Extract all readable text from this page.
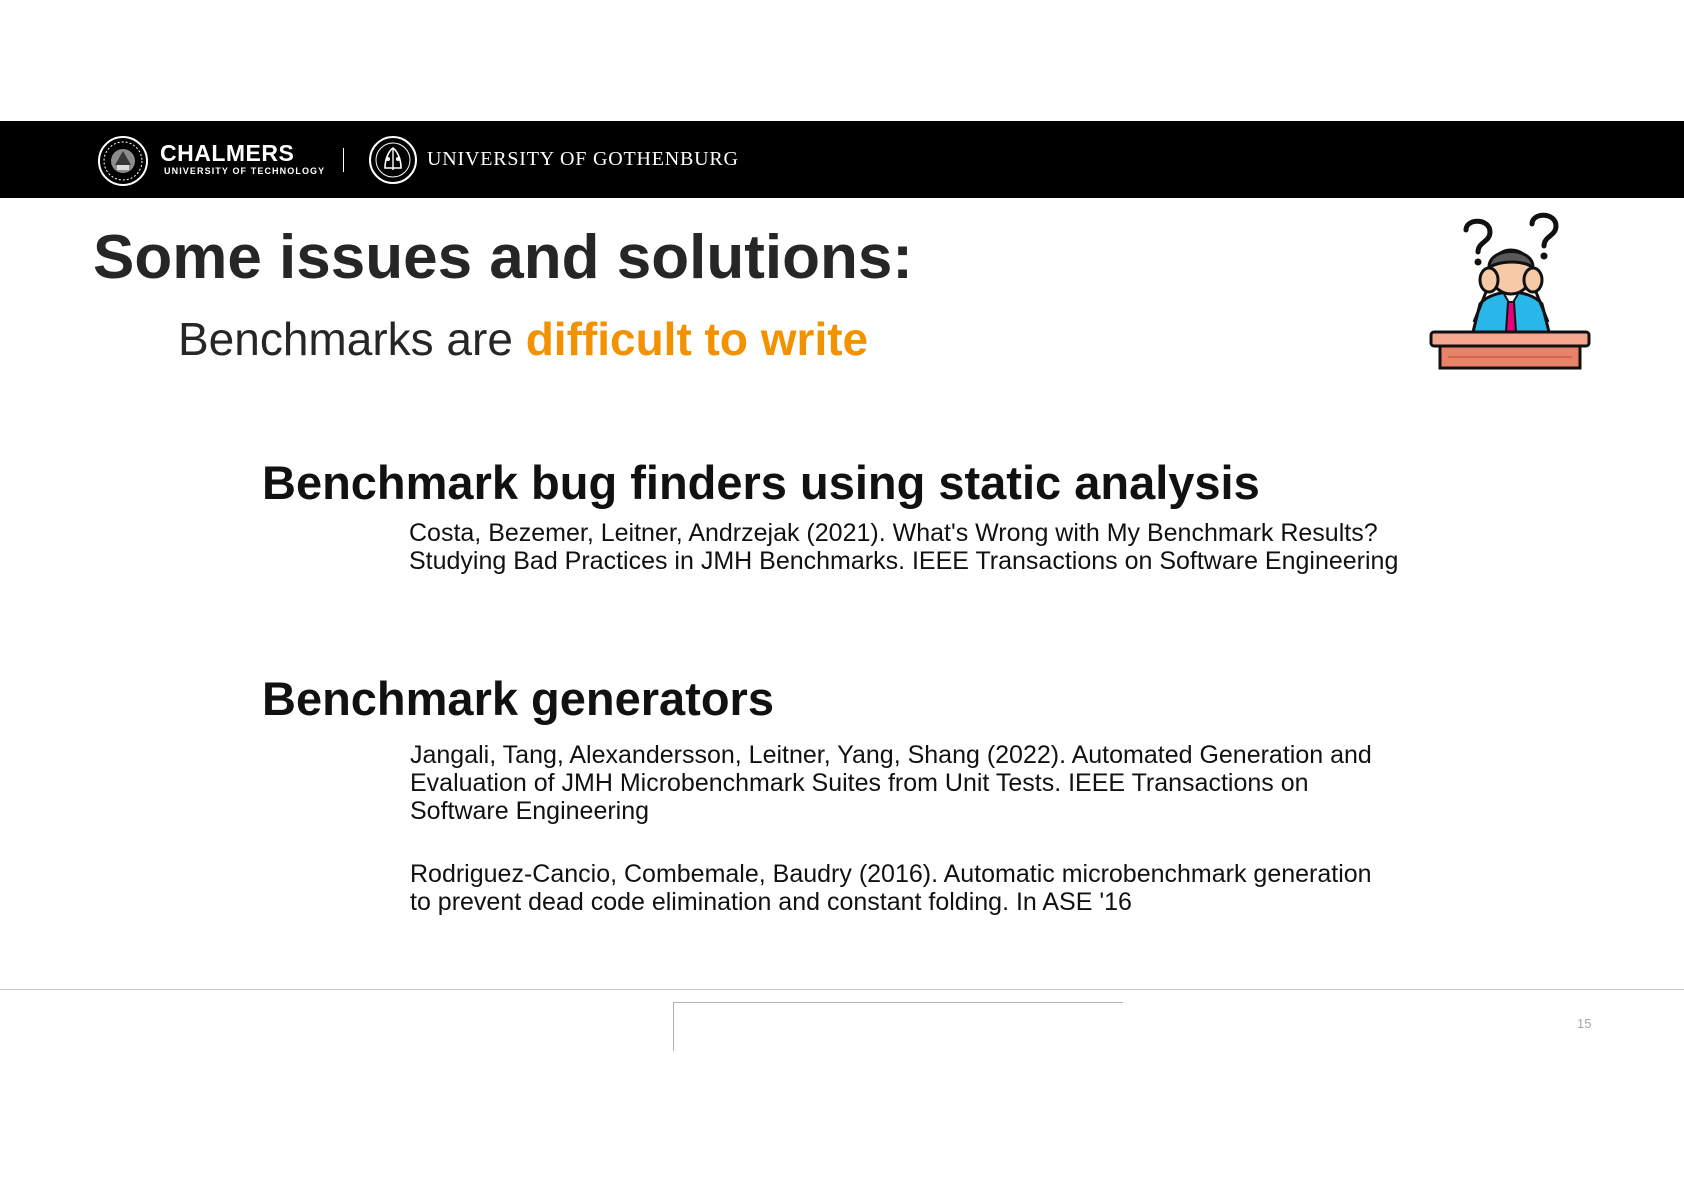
CHALMERS
UNIVERSITY OF TECHNOLOGY
UNIVERSITY OF GOTHENBURG
Some issues and solutions:

Benchmarks are difficult to write

Benchmark bug finders using static analysis

Costa, Bezemer, Leitner, Andrzejak (2021). What's Wrong with My Benchmark Results?
Studying Bad Practices in JMH Benchmarks. IEEE Transactions on Software Engineering

Benchmark generators

Jangali, Tang, Alexandersson, Leitner, Yang, Shang (2022). Automated Generation and
Evaluation of JMH Microbenchmark Suites from Unit Tests. IEEE Transactions on
Software Engineering

Rodriguez-Cancio, Combemale, Baudry (2016). Automatic microbenchmark generation
to prevent dead code elimination and constant folding. In ASE '16

15
